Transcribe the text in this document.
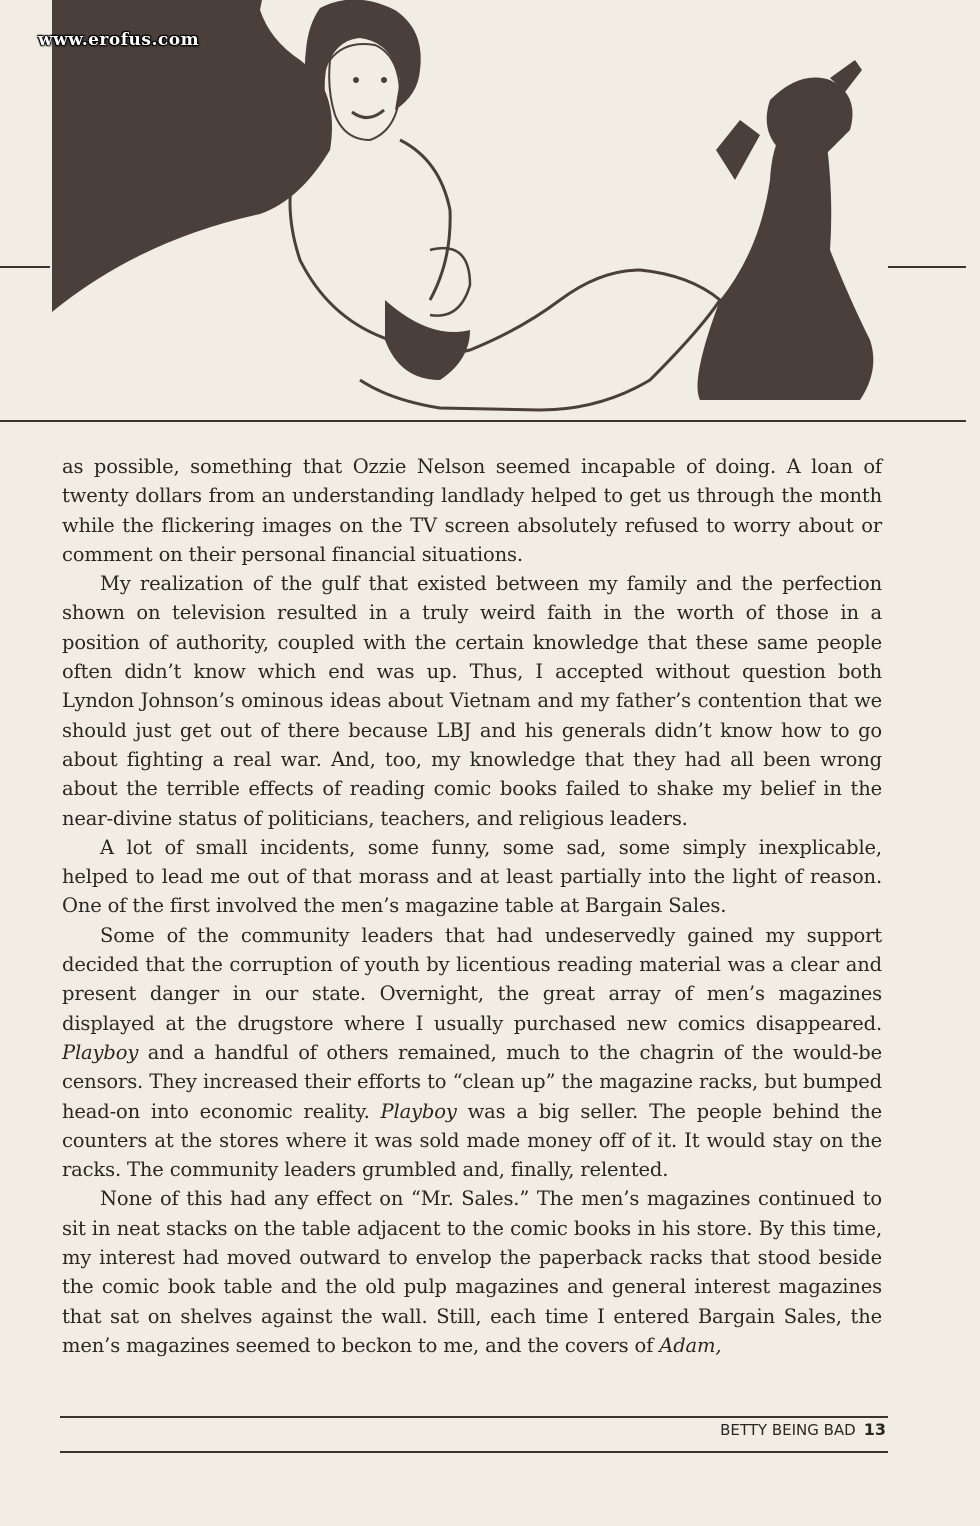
www.erofus.com

as possible, something that Ozzie Nelson seemed incapable of doing. A loan of twenty dollars from an understanding landlady helped to get us through the month while the flickering images on the TV screen absolutely refused to worry about or comment on their personal financial situations.

My realization of the gulf that existed between my family and the perfection shown on television resulted in a truly weird faith in the worth of those in a position of authority, coupled with the certain knowledge that these same people often didn’t know which end was up. Thus, I accepted without question both Lyndon Johnson’s ominous ideas about Vietnam and my father’s contention that we should just get out of there because LBJ and his generals didn’t know how to go about fighting a real war. And, too, my knowledge that they had all been wrong about the terrible effects of reading comic books failed to shake my belief in the near-divine status of politicians, teachers, and religious leaders.

A lot of small incidents, some funny, some sad, some simply inexplicable, helped to lead me out of that morass and at least partially into the light of reason. One of the first involved the men’s magazine table at Bargain Sales.

Some of the community leaders that had undeservedly gained my support decided that the corruption of youth by licentious reading material was a clear and present danger in our state. Overnight, the great array of men’s magazines displayed at the drugstore where I usually purchased new comics disappeared. Playboy and a handful of others remained, much to the chagrin of the would-be censors. They increased their efforts to “clean up” the magazine racks, but bumped head-on into economic reality. Playboy was a big seller. The people behind the counters at the stores where it was sold made money off of it. It would stay on the racks. The community leaders grumbled and, finally, relented.

None of this had any effect on “Mr. Sales.” The men’s magazines continued to sit in neat stacks on the table adjacent to the comic books in his store. By this time, my interest had moved outward to envelop the paperback racks that stood beside the comic book table and the old pulp magazines and general interest magazines that sat on shelves against the wall. Still, each time I entered Bargain Sales, the men’s magazines seemed to beckon to me, and the covers of Adam,

BETTY BEING BAD 13
